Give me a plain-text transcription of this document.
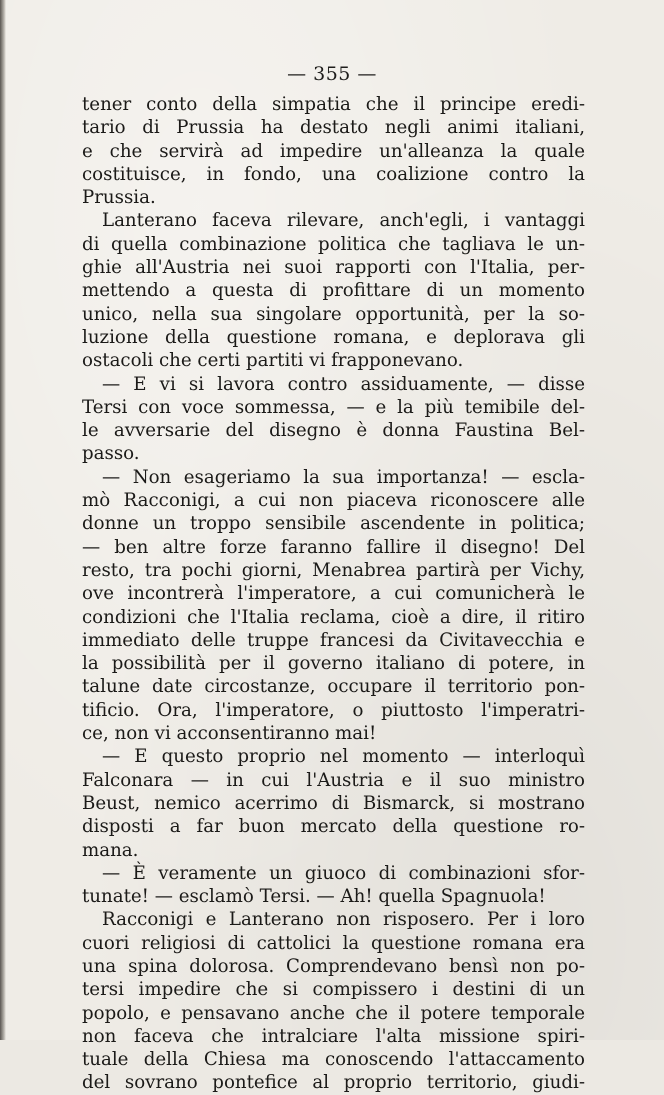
— 355 —
tener conto della simpatia che il principe eredi-
tario di Prussia ha destato negli animi italiani,
e che servirà ad impedire un'alleanza la quale
costituisce, in fondo, una coalizione contro la
Prussia.
Lanterano faceva rilevare, anch'egli, i vantaggi
di quella combinazione politica che tagliava le un-
ghie all'Austria nei suoi rapporti con l'Italia, per-
mettendo a questa di profittare di un momento
unico, nella sua singolare opportunità, per la so-
luzione della questione romana, e deplorava gli
ostacoli che certi partiti vi frapponevano.
— E vi si lavora contro assiduamente, — disse
Tersi con voce sommessa, — e la più temibile del-
le avversarie del disegno è donna Faustina Bel-
passo.
— Non esageriamo la sua importanza! — escla-
mò Racconigi, a cui non piaceva riconoscere alle
donne un troppo sensibile ascendente in politica;
— ben altre forze faranno fallire il disegno! Del
resto, tra pochi giorni, Menabrea partirà per Vichy,
ove incontrerà l'imperatore, a cui comunicherà le
condizioni che l'Italia reclama, cioè a dire, il ritiro
immediato delle truppe francesi da Civitavecchia e
la possibilità per il governo italiano di potere, in
talune date circostanze, occupare il territorio pon-
tificio. Ora, l'imperatore, o piuttosto l'imperatri-
ce, non vi acconsentiranno mai!
— E questo proprio nel momento — interloquì
Falconara — in cui l'Austria e il suo ministro
Beust, nemico acerrimo di Bismarck, si mostrano
disposti a far buon mercato della questione ro-
mana.
— È veramente un giuoco di combinazioni sfor-
tunate! — esclamò Tersi. — Ah! quella Spagnuola!
Racconigi e Lanterano non risposero. Per i loro
cuori religiosi di cattolici la questione romana era
una spina dolorosa. Comprendevano bensì non po-
tersi impedire che si compissero i destini di un
popolo, e pensavano anche che il potere temporale
non faceva che intralciare l'alta missione spiri-
tuale della Chiesa ma conoscendo l'attaccamento
del sovrano pontefice al proprio territorio, giudi-
